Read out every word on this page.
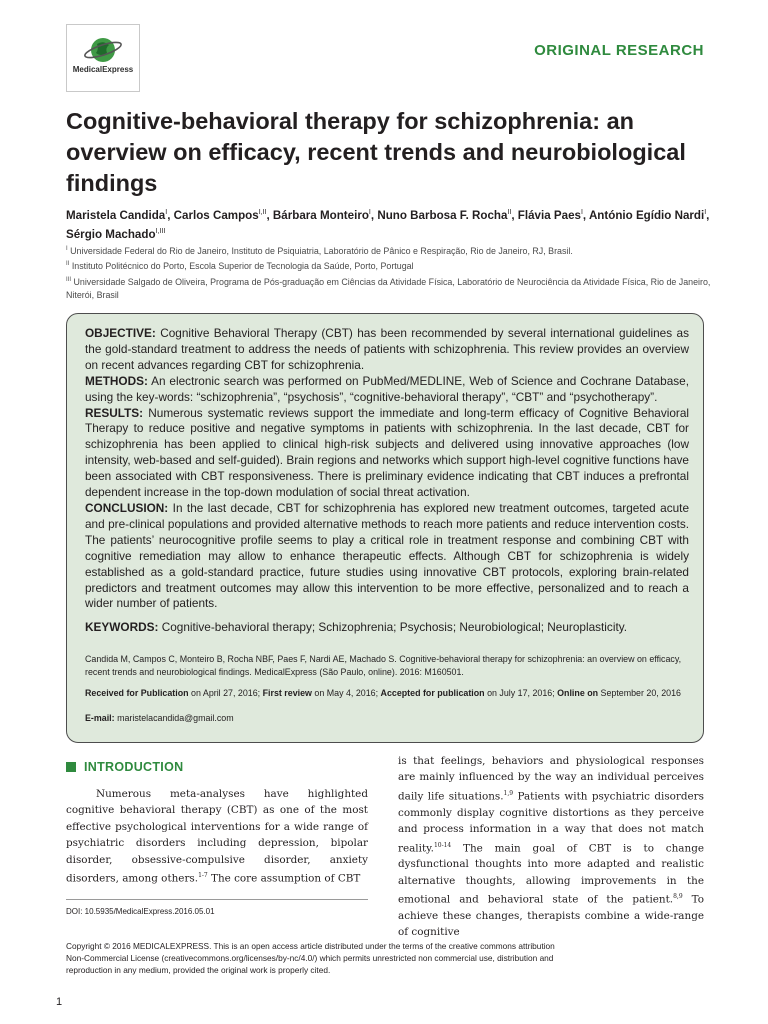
MedicalExpress
ORIGINAL RESEARCH
Cognitive-behavioral therapy for schizophrenia: an overview on efficacy, recent trends and neurobiological findings
Maristela Candida$^I$, Carlos Campos$^{I,II}$, Bárbara Monteiro$^I$, Nuno Barbosa F. Rocha$^{II}$, Flávia Paes$^I$, António Egídio Nardi$^I$, Sérgio Machado$^{I,III}$
$^I$ Universidade Federal do Rio de Janeiro, Instituto de Psiquiatria, Laboratório de Pânico e Respiração, Rio de Janeiro, RJ, Brasil.
$^{II}$ Instituto Politécnico do Porto, Escola Superior de Tecnologia da Saúde, Porto, Portugal
$^{III}$ Universidade Salgado de Oliveira, Programa de Pós-graduação em Ciências da Atividade Física, Laboratório de Neurociência da Atividade Física, Rio de Janeiro, Niterói, Brasil

OBJECTIVE: Cognitive Behavioral Therapy (CBT) has been recommended by several international guidelines as the gold-standard treatment to address the needs of patients with schizophrenia. This review provides an overview on recent advances regarding CBT for schizophrenia.

METHODS: An electronic search was performed on PubMed/MEDLINE, Web of Science and Cochrane Database, using the key-words: “schizophrenia”, “psychosis”, “cognitive-behavioral therapy”, “CBT” and “psychotherapy”.

RESULTS: Numerous systematic reviews support the immediate and long-term efficacy of Cognitive Behavioral Therapy to reduce positive and negative symptoms in patients with schizophrenia. In the last decade, CBT for schizophrenia has been applied to clinical high-risk subjects and delivered using innovative approaches (low intensity, web-based and self-guided). Brain regions and networks which support high-level cognitive functions have been associated with CBT responsiveness. There is preliminary evidence indicating that CBT induces a prefrontal dependent increase in the top-down modulation of social threat activation.

CONCLUSION: In the last decade, CBT for schizophrenia has explored new treatment outcomes, targeted acute and pre-clinical populations and provided alternative methods to reach more patients and reduce intervention costs. The patients’ neurocognitive profile seems to play a critical role in treatment response and combining CBT with cognitive remediation may allow to enhance therapeutic effects. Although CBT for schizophrenia is widely established as a gold-standard practice, future studies using innovative CBT protocols, exploring brain-related predictors and treatment outcomes may allow this intervention to be more effective, personalized and to reach a wider number of patients.

KEYWORDS: Cognitive-behavioral therapy; Schizophrenia; Psychosis; Neurobiological; Neuroplasticity.
Candida M, Campos C, Monteiro B, Rocha NBF, Paes F, Nardi AE, Machado S. Cognitive-behavioral therapy for schizophrenia: an overview on efficacy, recent trends and neurobiological findings. MedicalExpress (São Paulo, online). 2016: M160501.
Received for Publication on April 27, 2016; First review on May 4, 2016; Accepted for publication on July 17, 2016; Online on September 20, 2016
E-mail: maristelacandida@gmail.com
INTRODUCTION

Numerous meta-analyses have highlighted cognitive behavioral therapy (CBT) as one of the most effective psychological interventions for a wide range of psychiatric disorders including depression, bipolar disorder, obsessive-compulsive disorder, anxiety disorders, among others.$^{1-7}$ The core assumption of CBT

is that feelings, behaviors and physiological responses are mainly influenced by the way an individual perceives daily life situations.$^{1,9}$ Patients with psychiatric disorders commonly display cognitive distortions as they perceive and process information in a way that does not match reality.$^{10-14}$ The main goal of CBT is to change dysfunctional thoughts into more adapted and realistic alternative thoughts, allowing improvements in the emotional and behavioral state of the patient.$^{8,9}$ To achieve these changes, therapists combine a wide-range of cognitive

DOI: 10.5935/MedicalExpress.2016.05.01
Copyright © 2016 MEDICALEXPRESS. This is an open access article distributed under the terms of the creative commons attribution Non-Commercial License (creativecommons.org/licenses/by-nc/4.0/) which permits unrestricted non commercial use, distribution and reproduction in any medium, provided the original work is properly cited.
1
